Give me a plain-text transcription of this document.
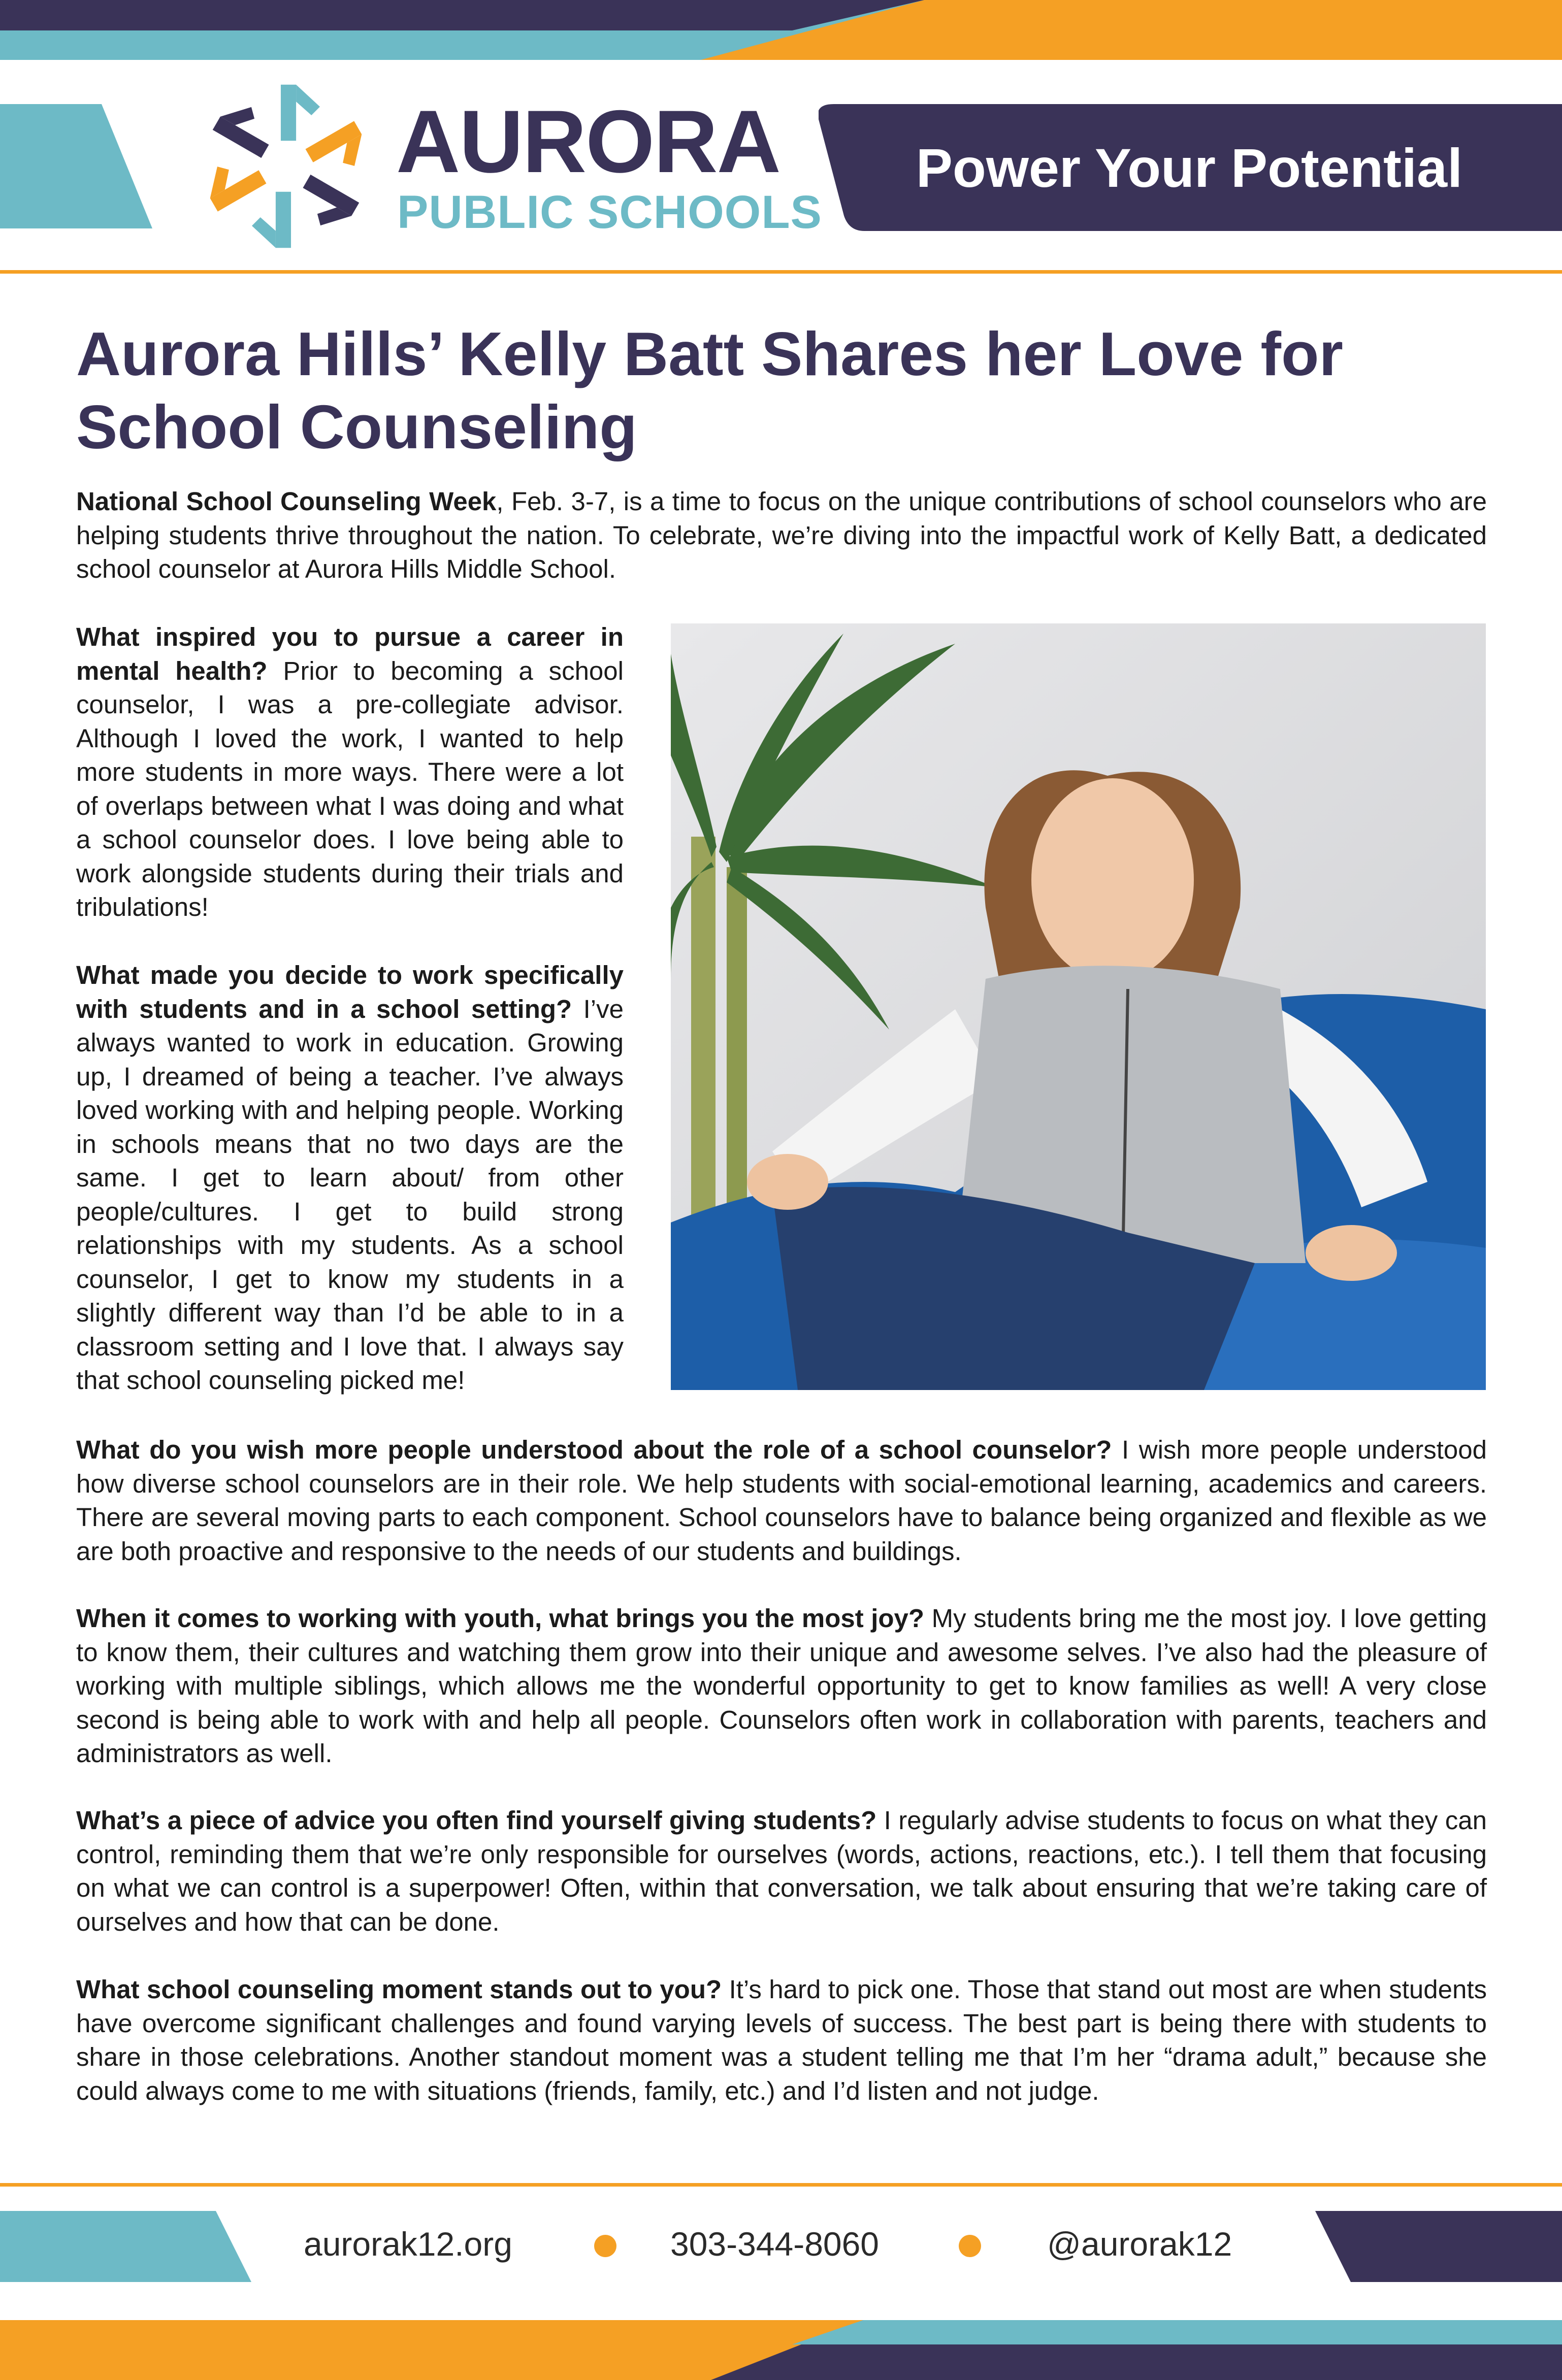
AURORA
PUBLIC SCHOOLS
Power Your Potential
Aurora Hills’ Kelly Batt Shares her Love for School Counseling
National School Counseling Week, Feb. 3-7, is a time to focus on the unique contributions of school counselors who are helping students thrive throughout the nation. To celebrate, we’re diving into the impactful work of Kelly Batt, a dedicated school counselor at Aurora Hills Middle School.
What inspired you to pursue a career in mental health? Prior to becoming a school counselor, I was a pre-collegiate advisor. Although I loved the work, I wanted to help more students in more ways. There were a lot of overlaps between what I was doing and what a school counselor does. I love being able to work alongside students during their trials and tribulations!
What made you decide to work specifically with students and in a school setting? I’ve always wanted to work in education. Growing up, I dreamed of being a teacher. I’ve always loved working with and helping people. Working in schools means that no two days are the same. I get to learn about/ from other people/cultures. I get to build strong relationships with my students. As a school counselor, I get to know my students in a slightly different way than I’d be able to in a classroom setting and I love that. I always say that school counseling picked me!
What do you wish more people understood about the role of a school counselor? I wish more people understood how diverse school counselors are in their role. We help students with social-emotional learning, academics and careers. There are several moving parts to each component. School counselors have to balance being organized and flexible as we are both proactive and responsive to the needs of our students and buildings.
When it comes to working with youth, what brings you the most joy? My students bring me the most joy. I love getting to know them, their cultures and watching them grow into their unique and awesome selves. I’ve also had the pleasure of working with multiple siblings, which allows me the wonderful opportunity to get to know families as well! A very close second is being able to work with and help all people. Counselors often work in collaboration with parents, teachers and administrators as well.
What’s a piece of advice you often find yourself giving students? I regularly advise students to focus on what they can control, reminding them that we’re only responsible for ourselves (words, actions, reactions, etc.). I tell them that focusing on what we can control is a superpower! Often, within that conversation, we talk about ensuring that we’re taking care of ourselves and how that can be done.
What school counseling moment stands out to you? It’s hard to pick one. Those that stand out most are when students have overcome significant challenges and found varying levels of success. The best part is being there with students to share in those celebrations. Another standout moment was a student telling me that I’m her “drama adult,” because she could always come to me with situations (friends, family, etc.) and I’d listen and not judge.
aurorak12.org	303-344-8060	@aurorak12
